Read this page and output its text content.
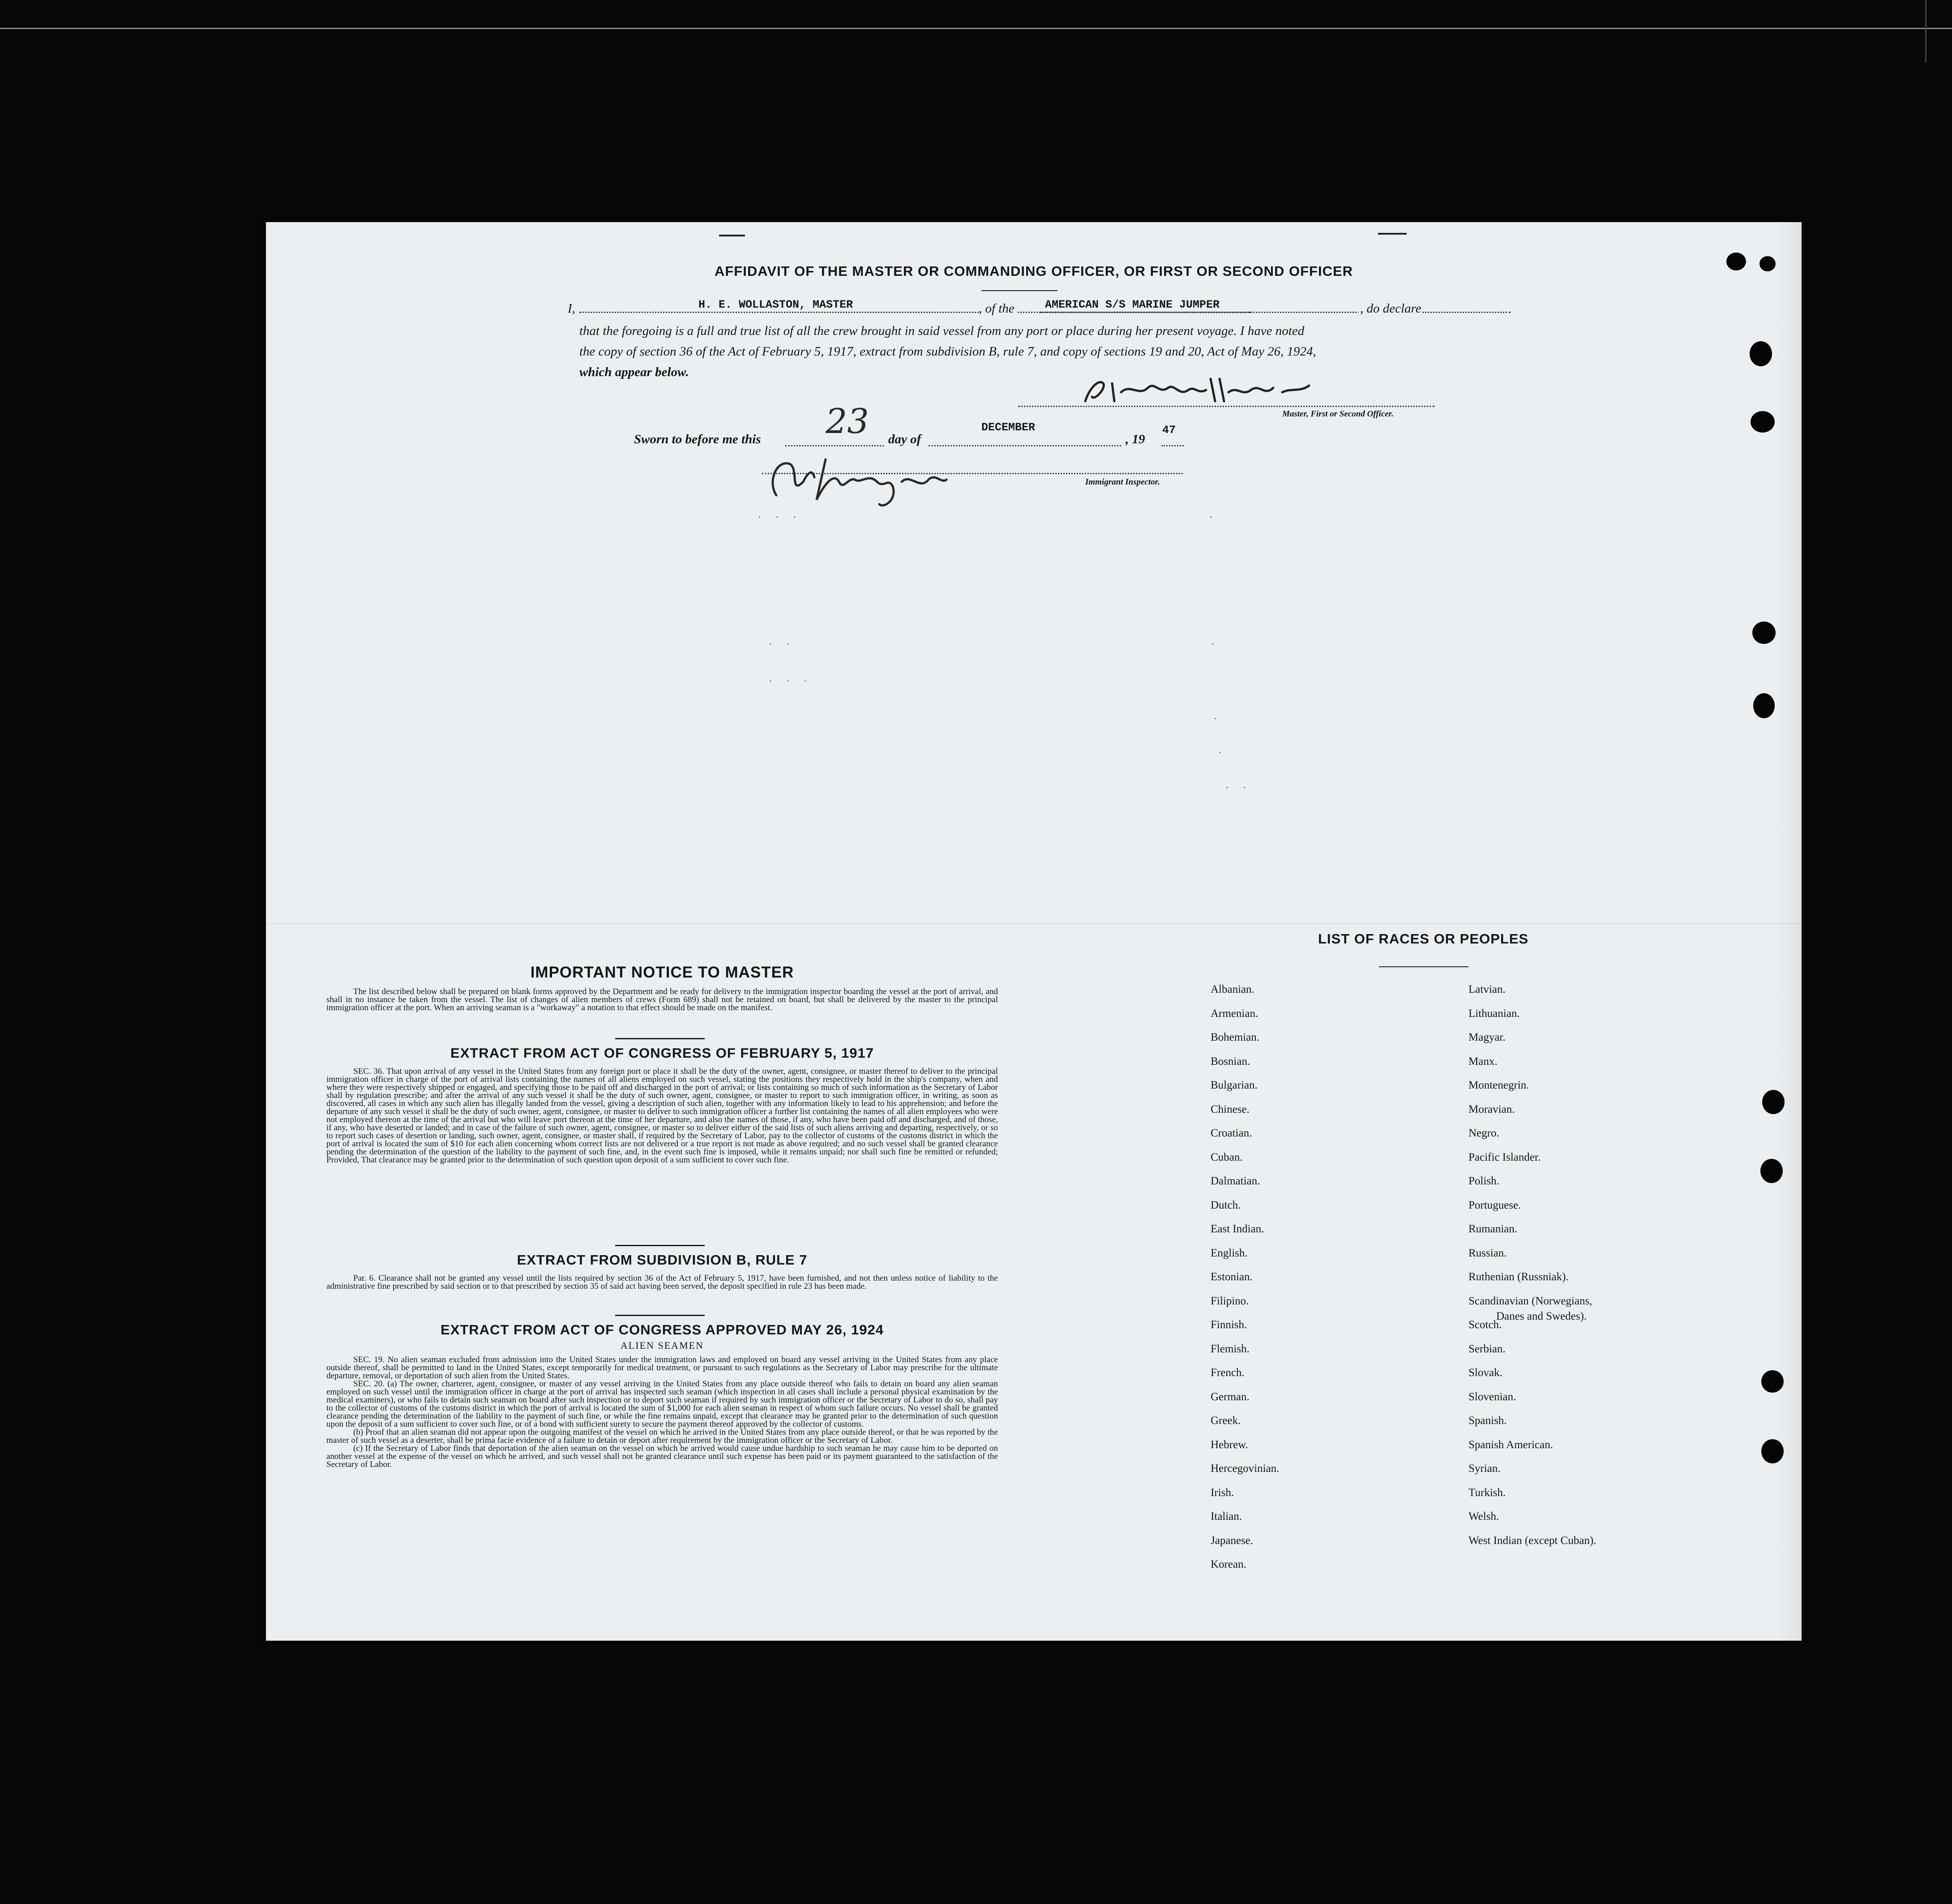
AFFIDAVIT OF THE MASTER OR COMMANDING OFFICER, OR FIRST OR SECOND OFFICER
I,	H. E. WOLLASTON, MASTER	, of the	AMERICAN S/S MARINE JUMPER	, do declare
that the foregoing is a full and true list of all the crew brought in said vessel from any port or place during her present voyage. I have noted
the copy of section 36 of the Act of February 5, 1917, extract from subdivision B, rule 7, and copy of sections 19 and 20, Act of May 26, 1924,
which appear below.
Master, First or Second Officer.
Sworn to before me this 23 day of
DECEMBER
, 19
47
Immigrant Inspector.
. . .
. .
. . .
.
.
.
.
. .
IMPORTANT NOTICE TO MASTER

The list described below shall be prepared on blank forms approved by the Department and be ready for delivery to the immigration inspector boarding the vessel at the port of arrival, and shall in no instance be taken from the vessel. The list of changes of alien members of crews (Form 689) shall not be retained on board, but shall be delivered by the master to the principal immigration officer at the port. When an arriving seaman is a "workaway" a notation to that effect should be made on the manifest.

EXTRACT FROM ACT OF CONGRESS OF FEBRUARY 5, 1917

SEC. 36. That upon arrival of any vessel in the United States from any foreign port or place it shall be the duty of the owner, agent, consignee, or master thereof to deliver to the principal immigration officer in charge of the port of arrival lists containing the names of all aliens employed on such vessel, stating the positions they respectively hold in the ship's company, when and where they were respectively shipped or engaged, and specifying those to be paid off and discharged in the port of arrival; or lists containing so much of such information as the Secretary of Labor shall by regulation prescribe; and after the arrival of any such vessel it shall be the duty of such owner, agent, consignee, or master to report to such immigration officer, in writing, as soon as discovered, all cases in which any such alien has illegally landed from the vessel, giving a description of such alien, together with any information likely to lead to his apprehension; and before the departure of any such vessel it shall be the duty of such owner, agent, consignee, or master to deliver to such immigration officer a further list containing the names of all alien employees who were not employed thereon at the time of the arrival but who will leave port thereon at the time of her departure, and also the names of those, if any, who have been paid off and discharged, and of those, if any, who have deserted or landed; and in case of the failure of such owner, agent, consignee, or master so to deliver either of the said lists of such aliens arriving and departing, respectively, or so to report such cases of desertion or landing, such owner, agent, consignee, or master shall, if required by the Secretary of Labor, pay to the collector of customs of the customs district in which the port of arrival is located the sum of $10 for each alien concerning whom correct lists are not delivered or a true report is not made as above required; and no such vessel shall be granted clearance pending the determination of the question of the liability to the payment of such fine, and, in the event such fine is imposed, while it remains unpaid; nor shall such fine be remitted or refunded; Provided, That clearance may be granted prior to the determination of such question upon deposit of a sum sufficient to cover such fine.

EXTRACT FROM SUBDIVISION B, RULE 7

Par. 6. Clearance shall not be granted any vessel until the lists required by section 36 of the Act of February 5, 1917, have been furnished, and not then unless notice of liability to the administrative fine prescribed by said section or to that prescribed by section 35 of said act having been served, the deposit specified in rule 23 has been made.

EXTRACT FROM ACT OF CONGRESS APPROVED MAY 26, 1924
ALIEN SEAMEN

SEC. 19. No alien seaman excluded from admission into the United States under the immigration laws and employed on board any vessel arriving in the United States from any place outside thereof, shall be permitted to land in the United States, except temporarily for medical treatment, or pursuant to such regulations as the Secretary of Labor may prescribe for the ultimate departure, removal, or deportation of such alien from the United States.

SEC. 20. (a) The owner, charterer, agent, consignee, or master of any vessel arriving in the United States from any place outside thereof who fails to detain on board any alien seaman employed on such vessel until the immigration officer in charge at the port of arrival has inspected such seaman (which inspection in all cases shall include a personal physical examination by the medical examiners), or who fails to detain such seaman on board after such inspection or to deport such seaman if required by such immigration officer or the Secretary of Labor to do so, shall pay to the collector of customs of the customs district in which the port of arrival is located the sum of $1,000 for each alien seaman in respect of whom such failure occurs. No vessel shall be granted clearance pending the determination of the liability to the payment of such fine, or while the fine remains unpaid, except that clearance may be granted prior to the determination of such question upon the deposit of a sum sufficient to cover such fine, or of a bond with sufficient surety to secure the payment thereof approved by the collector of customs.

(b) Proof that an alien seaman did not appear upon the outgoing manifest of the vessel on which he arrived in the United States from any place outside thereof, or that he was reported by the master of such vessel as a deserter, shall be prima facie evidence of a failure to detain or deport after requirement by the immigration officer or the Secretary of Labor.

(c) If the Secretary of Labor finds that deportation of the alien seaman on the vessel on which he arrived would cause undue hardship to such seaman he may cause him to be deported on another vessel at the expense of the vessel on which he arrived, and such vessel shall not be granted clearance until such expense has been paid or its payment guaranteed to the satisfaction of the Secretary of Labor.

LIST OF RACES OR PEOPLES
Albanian.
Armenian.
Bohemian.
Bosnian.
Bulgarian.
Chinese.
Croatian.
Cuban.
Dalmatian.
Dutch.
East Indian.
English.
Estonian.
Filipino.
Finnish.
Flemish.
French.
German.
Greek.
Hebrew.
Hercegovinian.
Irish.
Italian.
Japanese.
Korean.
Latvian.
Lithuanian.
Magyar.
Manx.
Montenegrin.
Moravian.
Negro.
Pacific Islander.
Polish.
Portuguese.
Rumanian.
Russian.
Ruthenian (Russniak).
Scandinavian (Norwegians,
Danes and Swedes).
Scotch.
Serbian.
Slovak.
Slovenian.
Spanish.
Spanish American.
Syrian.
Turkish.
Welsh.
West Indian (except Cuban).
